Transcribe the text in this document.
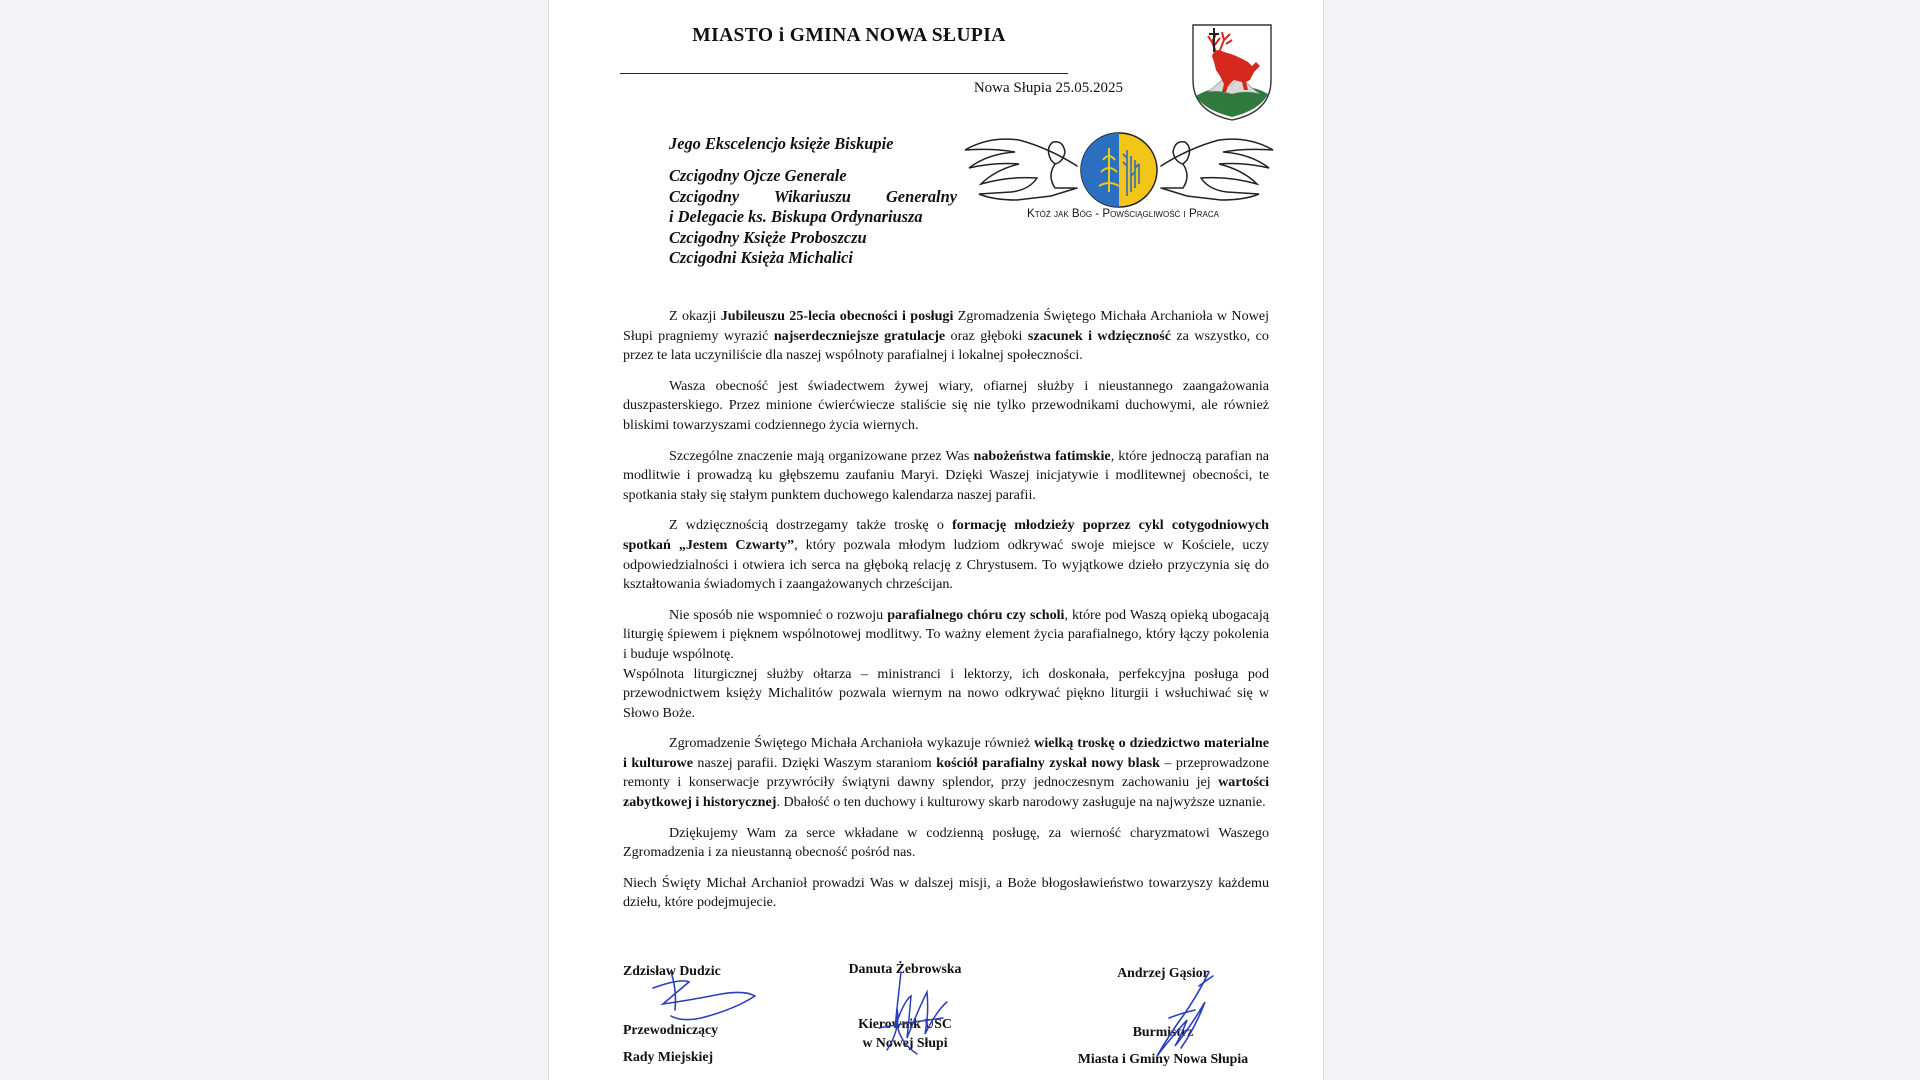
MIASTO i GMINA NOWA SŁUPIA
Nowa Słupia 25.05.2025
Jego Ekscelencjo księże Biskupie
Czcigodny Ojcze Generale
Czcigodny Wikariuszu Generalny
i Delegacie ks. Biskupa Ordynariusza
Czcigodny Księże Proboszczu
Czcigodni Księża Michalici
Któż jak Bóg - Powściągliwość i Praca

Z okazji Jubileuszu 25-lecia obecności i posługi Zgromadzenia Świętego Michała Archanioła w Nowej Słupi pragniemy wyrazić najserdeczniejsze gratulacje oraz głęboki szacunek i wdzięczność za wszystko, co przez te lata uczyniliście dla naszej wspólnoty parafialnej i lokalnej społeczności.

Wasza obecność jest świadectwem żywej wiary, ofiarnej służby i nieustannego zaangażowania duszpasterskiego. Przez minione ćwierćwiecze staliście się nie tylko przewodnikami duchowymi, ale również bliskimi towarzyszami codziennego życia wiernych.

Szczególne znaczenie mają organizowane przez Was nabożeństwa fatimskie, które jednoczą parafian na modlitwie i prowadzą ku głębszemu zaufaniu Maryi. Dzięki Waszej inicjatywie i modlitewnej obecności, te spotkania stały się stałym punktem duchowego kalendarza naszej parafii.

Z wdzięcznością dostrzegamy także troskę o formację młodzieży poprzez cykl cotygodniowych spotkań „Jestem Czwarty”, który pozwala młodym ludziom odkrywać swoje miejsce w Kościele, uczy odpowiedzialności i otwiera ich serca na głęboką relację z Chrystusem. To wyjątkowe dzieło przyczynia się do kształtowania świadomych i zaangażowanych chrześcijan.

Nie sposób nie wspomnieć o rozwoju parafialnego chóru czy scholi, które pod Waszą opieką ubogacają liturgię śpiewem i pięknem wspólnotowej modlitwy. To ważny element życia parafialnego, który łączy pokolenia i buduje wspólnotę.

Wspólnota liturgicznej służby ołtarza – ministranci i lektorzy, ich doskonała, perfekcyjna posługa pod przewodnictwem księży Michalitów pozwala wiernym na nowo odkrywać piękno liturgii i wsłuchiwać się w Słowo Boże.

Zgromadzenie Świętego Michała Archanioła wykazuje również wielką troskę o dziedzictwo materialne i kulturowe naszej parafii. Dzięki Waszym staraniom kościół parafialny zyskał nowy blask – przeprowadzone remonty i konserwacje przywróciły świątyni dawny splendor, przy jednoczesnym zachowaniu jej wartości zabytkowej i historycznej. Dbałość o ten duchowy i kulturowy skarb narodowy zasługuje na najwyższe uznanie.

Dziękujemy Wam za serce wkładane w codzienną posługę, za wierność charyzmatowi Waszego Zgromadzenia i za nieustanną obecność pośród nas.

Niech Święty Michał Archanioł prowadzi Was w dalszej misji, a Boże błogosławieństwo towarzyszy każdemu dziełu, które podejmujecie.

Zdzisław Dudzic
Przewodniczący
Rady Miejskiej
Danuta Żebrowska
Kierownik USC
w Nowej Słupi
Andrzej Gąsior
Burmistrz
Miasta i Gminy Nowa Słupia
